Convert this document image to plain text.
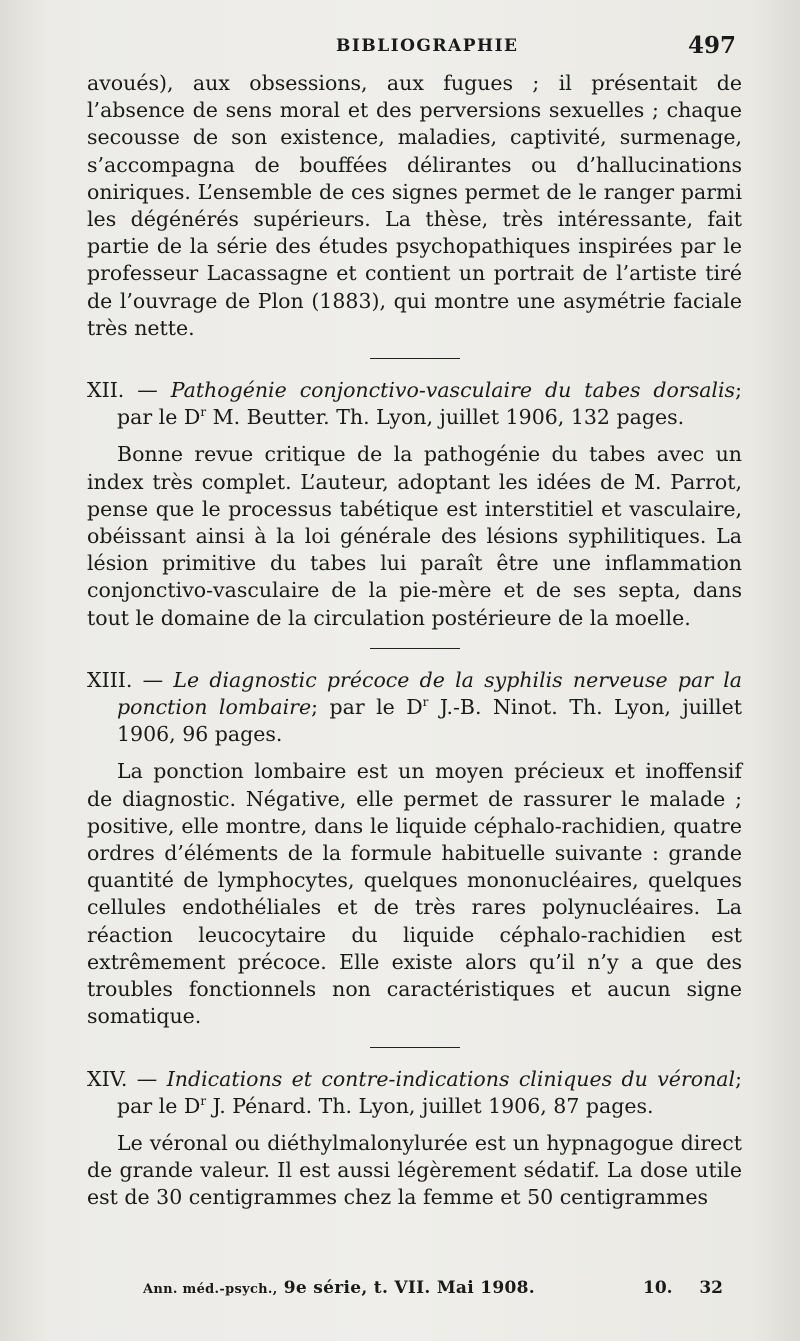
BIBLIOGRAPHIE	497

avoués), aux obsessions, aux fugues ; il présentait de l’absence de sens moral et des perversions sexuelles ; chaque secousse de son existence, maladies, captivité, surmenage, s’accompagna de bouffées délirantes ou d’hallucinations oniriques. L’ensemble de ces signes permet de le ranger parmi les dégénérés supérieurs. La thèse, très intéressante, fait partie de la série des études psychopathiques inspirées par le professeur Lacassagne et contient un portrait de l’artiste tiré de l’ouvrage de Plon (1883), qui montre une asymétrie faciale très nette.

XII. — Pathogénie conjonctivo-vasculaire du tabes dorsalis; par le $D^r$ M. Beutter. Th. Lyon, juillet 1906, 132 pages.

Bonne revue critique de la pathogénie du tabes avec un index très complet. L’auteur, adoptant les idées de M. Parrot, pense que le processus tabétique est interstitiel et vasculaire, obéissant ainsi à la loi générale des lésions syphilitiques. La lésion primitive du tabes lui paraît être une inflammation conjonctivo-vasculaire de la pie-mère et de ses septa, dans tout le domaine de la circulation postérieure de la moelle.

XIII. — Le diagnostic précoce de la syphilis nerveuse par la ponction lombaire; par le $D^r$ J.-B. Ninot. Th. Lyon, juillet 1906, 96 pages.

La ponction lombaire est un moyen précieux et inoffensif de diagnostic. Négative, elle permet de rassurer le malade ; positive, elle montre, dans le liquide céphalo-rachidien, quatre ordres d’éléments de la formule habituelle suivante : grande quantité de lymphocytes, quelques mononucléaires, quelques cellules endothéliales et de très rares polynucléaires. La réaction leucocytaire du liquide céphalo-rachidien est extrêmement précoce. Elle existe alors qu’il n’y a que des troubles fonctionnels non caractéristiques et aucun signe somatique.

XIV. — Indications et contre-indications cliniques du véronal; par le $D^r$ J. Pénard. Th. Lyon, juillet 1906, 87 pages.

Le véronal ou diéthylmalonylurée est un hypnagogue direct de grande valeur. Il est aussi légèrement sédatif. La dose utile est de 30 centigrammes chez la femme et 50 centigrammes

Ann. méd.-psych., 9e série, t. VII. Mai 1908.	10. 32
